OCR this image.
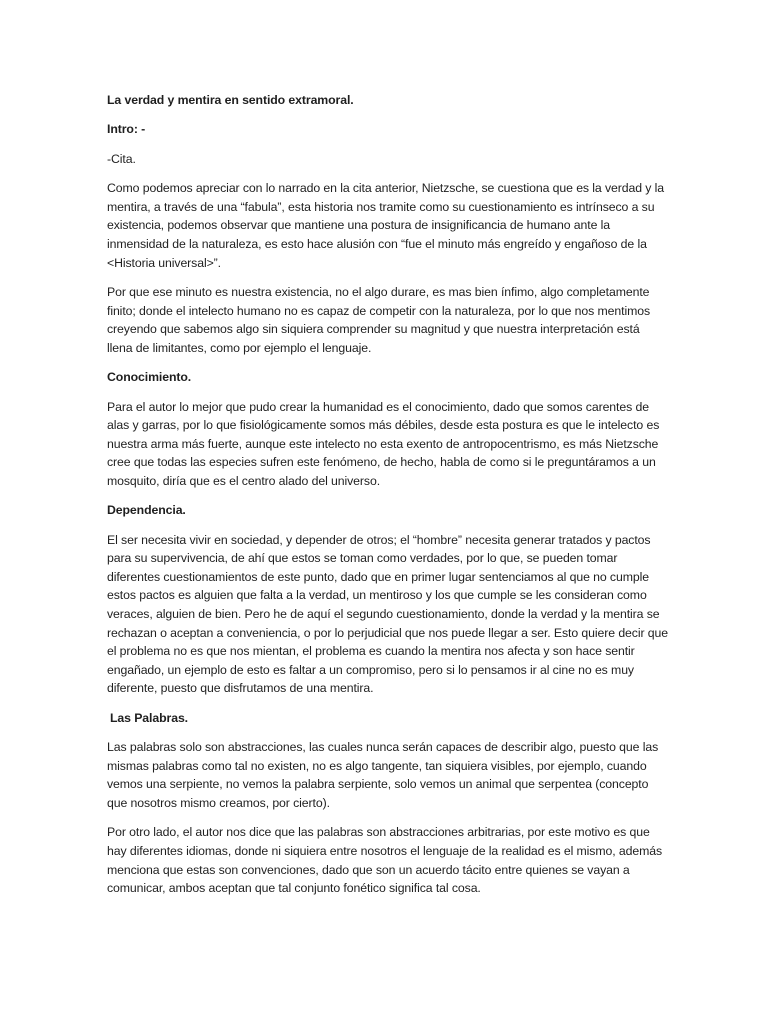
La verdad y mentira en sentido extramoral.
Intro: -
-Cita.
Como podemos apreciar con lo narrado en la cita anterior, Nietzsche, se cuestiona que es la verdad y la mentira, a través de una “fabula”, esta historia nos tramite como su cuestionamiento es intrínseco a su existencia, podemos observar que mantiene una postura de insignificancia de humano ante la inmensidad de la naturaleza, es esto hace alusión con “fue el minuto más engreído y engañoso de la <Historia universal>”.
Por que ese minuto es nuestra existencia, no el algo durare, es mas bien ínfimo, algo completamente finito; donde el intelecto humano no es capaz de competir con la naturaleza, por lo que nos mentimos creyendo que sabemos algo sin siquiera comprender su magnitud y que nuestra interpretación está llena de limitantes, como por ejemplo el lenguaje.
Conocimiento.
Para el autor lo mejor que pudo crear la humanidad es el conocimiento, dado que somos carentes de alas y garras, por lo que fisiológicamente somos más débiles, desde esta postura es que le intelecto es nuestra arma más fuerte, aunque este intelecto no esta exento de antropocentrismo, es más Nietzsche cree que todas las especies sufren este fenómeno, de hecho, habla de como si le preguntáramos a un mosquito, diría que es el centro alado del universo.
Dependencia.
El ser necesita vivir en sociedad, y depender de otros; el “hombre” necesita generar tratados y pactos para su supervivencia, de ahí que estos se toman como verdades, por lo que, se pueden tomar diferentes cuestionamientos de este punto, dado que en primer lugar sentenciamos al que no cumple estos pactos es alguien que falta a la verdad, un mentiroso y los que cumple se les consideran como veraces, alguien de bien. Pero he de aquí el segundo cuestionamiento, donde la verdad y la mentira se rechazan o aceptan a conveniencia, o por lo perjudicial que nos puede llegar a ser. Esto quiere decir que el problema no es que nos mientan, el problema es cuando la mentira nos afecta y son hace sentir engañado, un ejemplo de esto es faltar a un compromiso, pero si lo pensamos ir al cine no es muy diferente, puesto que disfrutamos de una mentira.
Las Palabras.
Las palabras solo son abstracciones, las cuales nunca serán capaces de describir algo, puesto que las mismas palabras como tal no existen, no es algo tangente, tan siquiera visibles, por ejemplo, cuando vemos una serpiente, no vemos la palabra serpiente, solo vemos un animal que serpentea (concepto que nosotros mismo creamos, por cierto).
Por otro lado, el autor nos dice que las palabras son abstracciones arbitrarias, por este motivo es que hay diferentes idiomas, donde ni siquiera entre nosotros el lenguaje de la realidad es el mismo, además menciona que estas son convenciones, dado que son un acuerdo tácito entre quienes se vayan a comunicar, ambos aceptan que tal conjunto fonético significa tal cosa.
